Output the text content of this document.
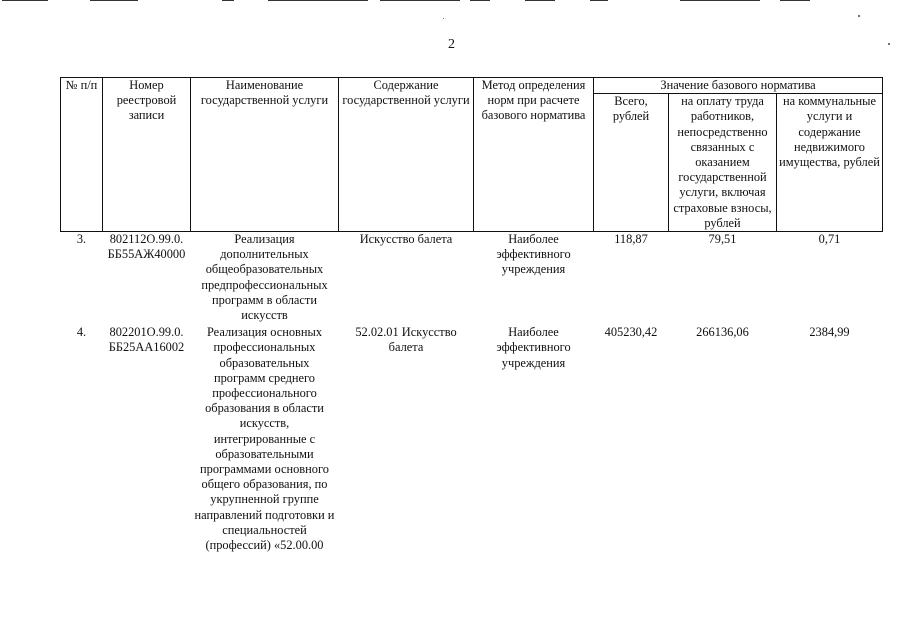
2
№ п/п	Номер реестровой записи	Наименование государственной услуги	Содержание государственной услуги	Метод определения норм при расчете базового норматива	Значение базового норматива		
					Всего, рублей	на оплату труда работников, непосредственно связанных с оказанием государственной услуги, включая страховые взносы, рублей	на коммунальные услуги и содержание недвижимого имущества, рублей
3.	802112О.99.0. ББ55АЖ40000	Реализация дополнительных общеобразовательных предпрофессиональных программ в области искусств	Искусство балета	Наиболее эффективного учреждения	118,87	79,51	0,71
4.	802201О.99.0. ББ25АА16002	Реализация основных профессиональных образовательных программ среднего профессионального образования в области искусств, интегрированные с образовательными программами основного общего образования, по укрупненной группе направлений подготовки и специальностей (профессий) «52.00.00	52.02.01 Искусство балета	Наиболее эффективного учреждения	405230,42	266136,06	2384,99
